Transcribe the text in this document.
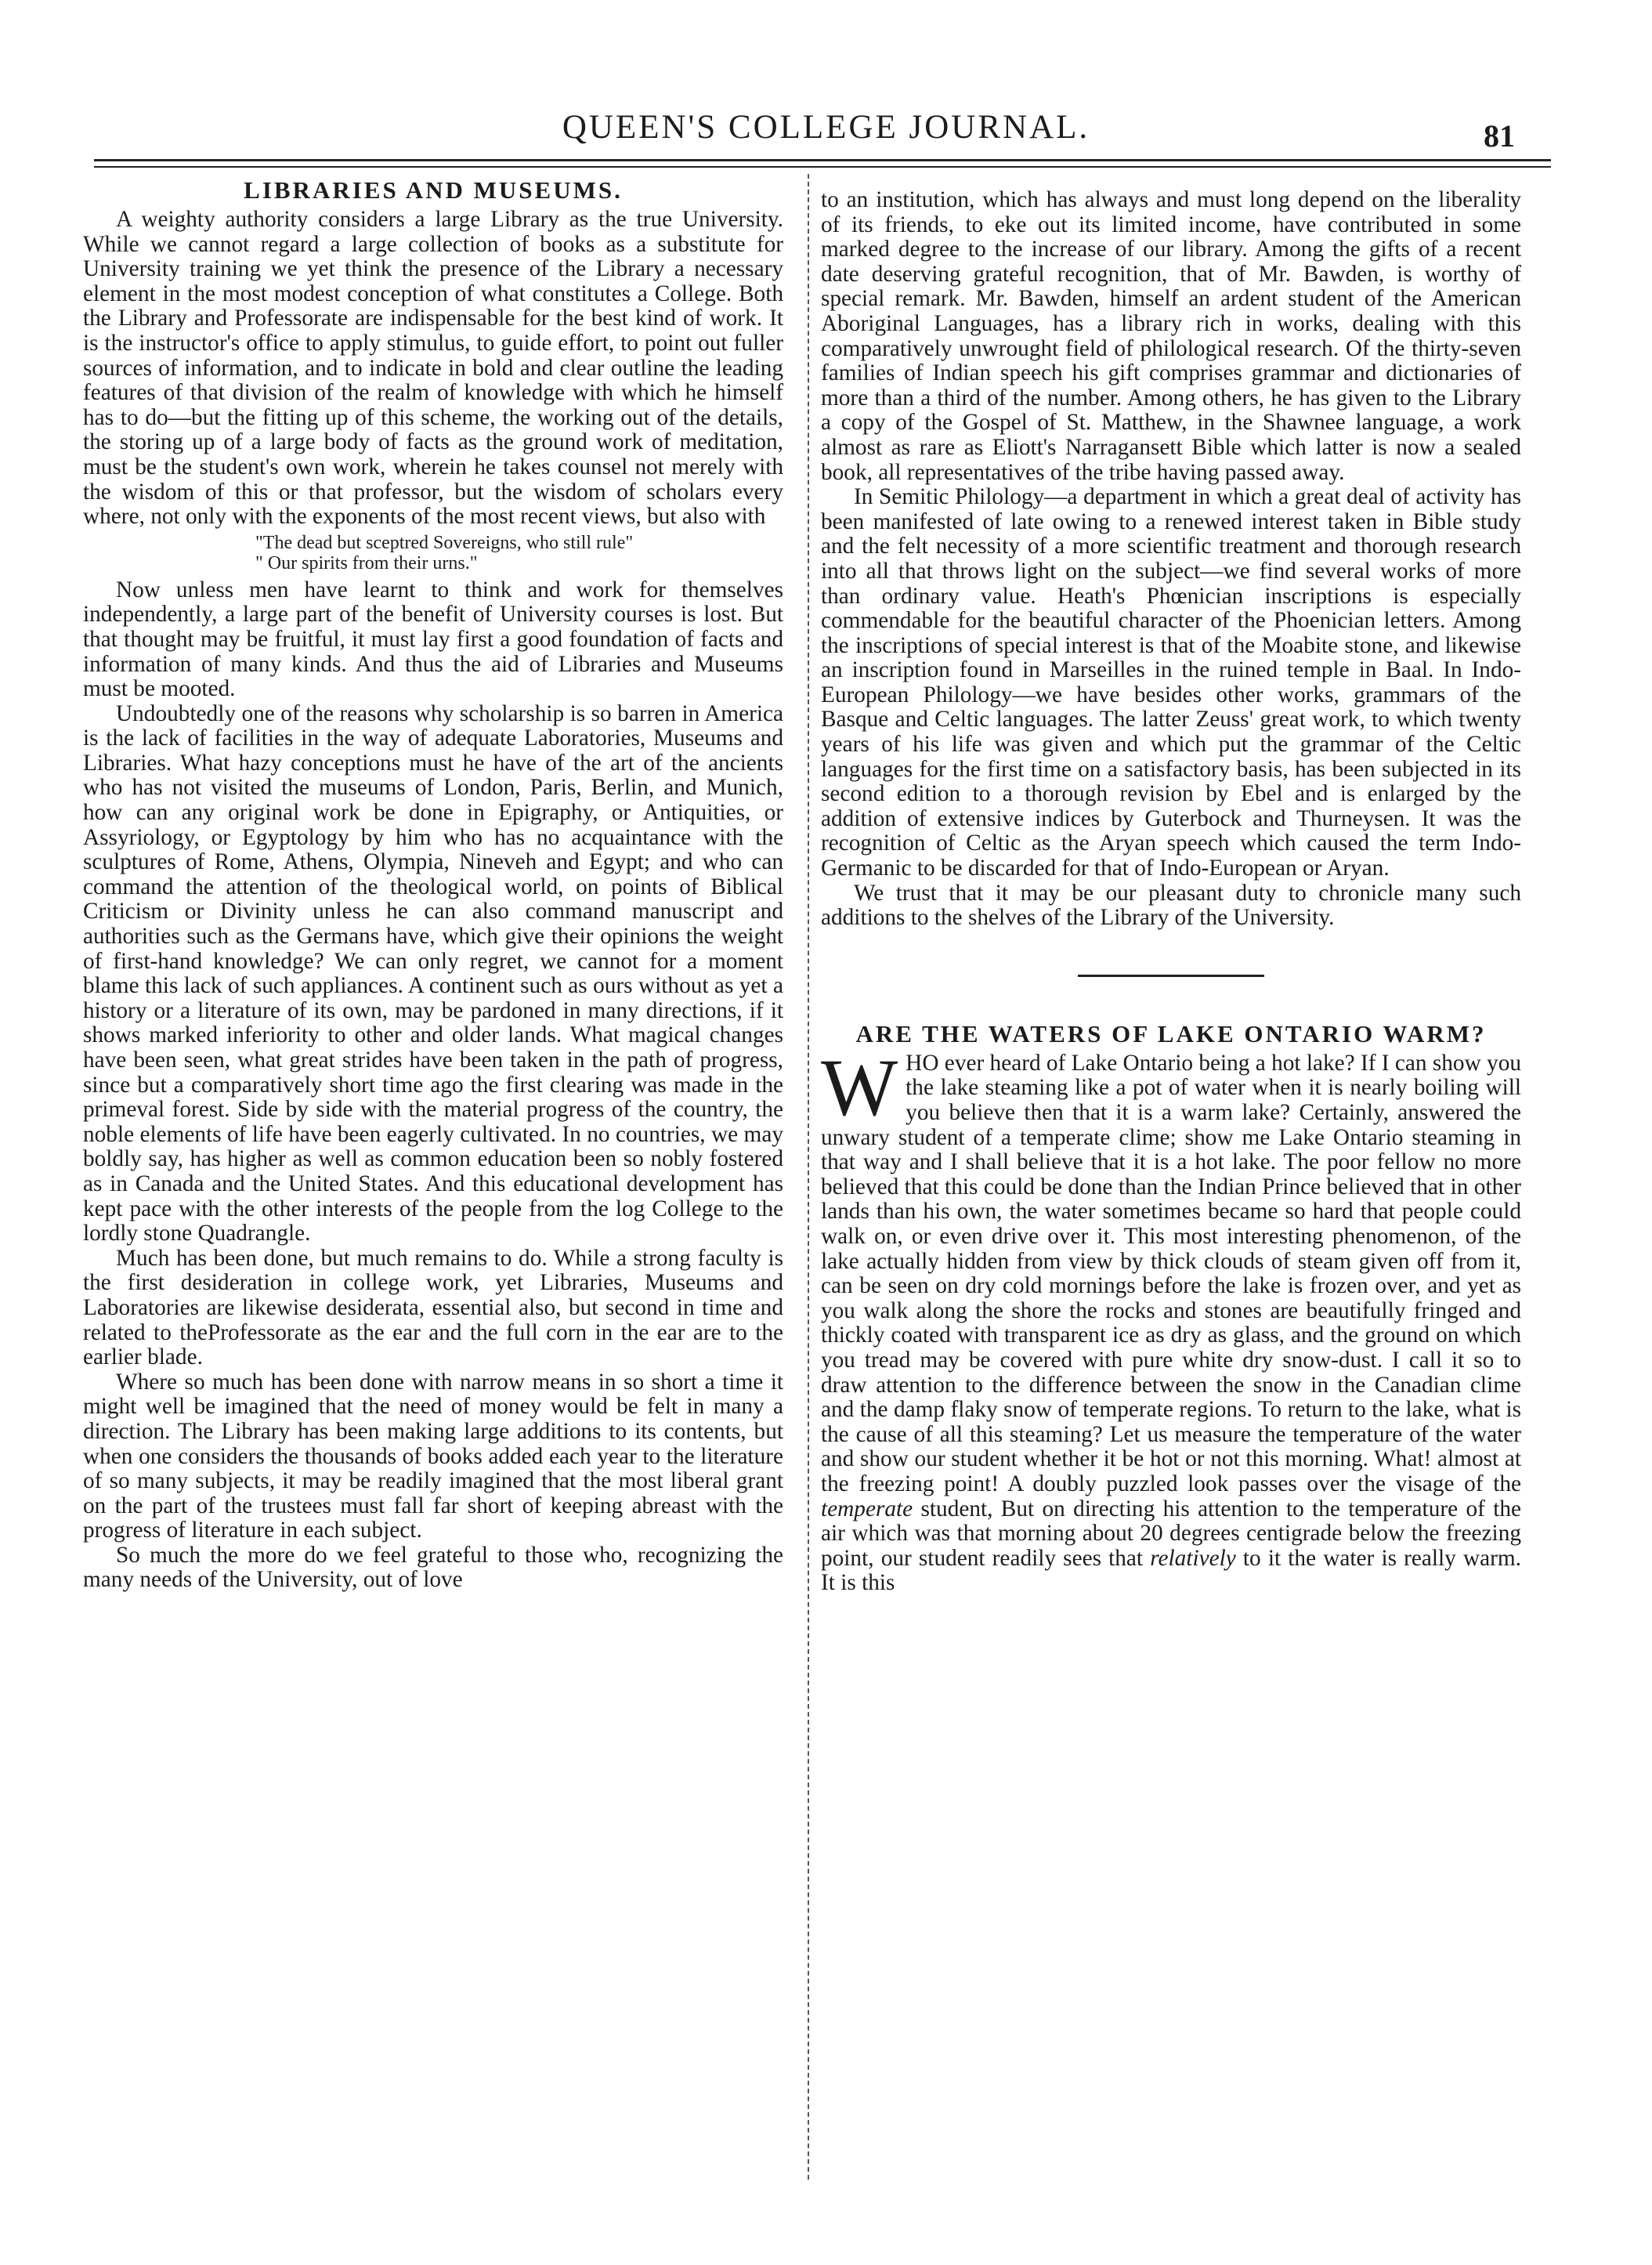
QUEEN'S COLLEGE JOURNAL.	81
LIBRARIES AND MUSEUMS.

A weighty authority considers a large Library as the true University. While we cannot regard a large collection of books as a substitute for University training we yet think the presence of the Library a necessary element in the most modest conception of what constitutes a College. Both the Library and Professorate are indispensable for the best kind of work. It is the instructor's office to apply stimulus, to guide effort, to point out fuller sources of information, and to indicate in bold and clear outline the leading features of that division of the realm of knowledge with which he himself has to do—but the fitting up of this scheme, the working out of the details, the storing up of a large body of facts as the ground work of meditation, must be the student's own work, wherein he takes counsel not merely with the wisdom of this or that professor, but the wisdom of scholars every where, not only with the exponents of the most recent views, but also with

"The dead but sceptred Sovereigns, who still rule"
" Our spirits from their urns."

Now unless men have learnt to think and work for themselves independently, a large part of the benefit of University courses is lost. But that thought may be fruitful, it must lay first a good foundation of facts and information of many kinds. And thus the aid of Libraries and Museums must be mooted.

Undoubtedly one of the reasons why scholarship is so barren in America is the lack of facilities in the way of adequate Laboratories, Museums and Libraries. What hazy conceptions must he have of the art of the ancients who has not visited the museums of London, Paris, Berlin, and Munich, how can any original work be done in Epigraphy, or Antiquities, or Assyriology, or Egyptology by him who has no acquaintance with the sculptures of Rome, Athens, Olympia, Nineveh and Egypt; and who can command the attention of the theological world, on points of Biblical Criticism or Divinity unless he can also command manuscript and authorities such as the Germans have, which give their opinions the weight of first-hand knowledge? We can only regret, we cannot for a moment blame this lack of such appliances. A continent such as ours without as yet a history or a literature of its own, may be pardoned in many directions, if it shows marked inferiority to other and older lands. What magical changes have been seen, what great strides have been taken in the path of progress, since but a comparatively short time ago the first clearing was made in the primeval forest. Side by side with the material progress of the country, the noble elements of life have been eagerly cultivated. In no countries, we may boldly say, has higher as well as common education been so nobly fostered as in Canada and the United States. And this educational development has kept pace with the other interests of the people from the log College to the lordly stone Quadrangle.

Much has been done, but much remains to do. While a strong faculty is the first desideration in college work, yet Libraries, Museums and Laboratories are likewise desiderata, essential also, but second in time and related to theProfessorate as the ear and the full corn in the ear are to the earlier blade.

Where so much has been done with narrow means in so short a time it might well be imagined that the need of money would be felt in many a direction. The Library has been making large additions to its contents, but when one considers the thousands of books added each year to the literature of so many subjects, it may be readily imagined that the most liberal grant on the part of the trustees must fall far short of keeping abreast with the progress of literature in each subject.

So much the more do we feel grateful to those who, recognizing the many needs of the University, out of love

to an institution, which has always and must long depend on the liberality of its friends, to eke out its limited income, have contributed in some marked degree to the increase of our library. Among the gifts of a recent date deserving grateful recognition, that of Mr. Bawden, is worthy of special remark. Mr. Bawden, himself an ardent student of the American Aboriginal Languages, has a library rich in works, dealing with this comparatively unwrought field of philological research. Of the thirty-seven families of Indian speech his gift comprises grammar and dictionaries of more than a third of the number. Among others, he has given to the Library a copy of the Gospel of St. Matthew, in the Shawnee language, a work almost as rare as Eliott's Narragansett Bible which latter is now a sealed book, all representatives of the tribe having passed away.

In Semitic Philology—a department in which a great deal of activity has been manifested of late owing to a renewed interest taken in Bible study and the felt necessity of a more scientific treatment and thorough research into all that throws light on the subject—we find several works of more than ordinary value. Heath's Phœnician inscriptions is especially commendable for the beautiful character of the Phoenician letters. Among the inscriptions of special interest is that of the Moabite stone, and likewise an inscription found in Marseilles in the ruined temple in Baal. In Indo-European Philology—we have besides other works, grammars of the Basque and Celtic languages. The latter Zeuss' great work, to which twenty years of his life was given and which put the grammar of the Celtic languages for the first time on a satisfactory basis, has been subjected in its second edition to a thorough revision by Ebel and is enlarged by the addition of extensive indices by Guterbock and Thurneysen. It was the recognition of Celtic as the Aryan speech which caused the term Indo-Germanic to be discarded for that of Indo-European or Aryan.

We trust that it may be our pleasant duty to chronicle many such additions to the shelves of the Library of the University.

ARE THE WATERS OF LAKE ONTARIO WARM?

WHO ever heard of Lake Ontario being a hot lake? If I can show you the lake steaming like a pot of water when it is nearly boiling will you believe then that it is a warm lake? Certainly, answered the unwary student of a temperate clime; show me Lake Ontario steaming in that way and I shall believe that it is a hot lake. The poor fellow no more believed that this could be done than the Indian Prince believed that in other lands than his own, the water sometimes became so hard that people could walk on, or even drive over it. This most interesting phenomenon, of the lake actually hidden from view by thick clouds of steam given off from it, can be seen on dry cold mornings before the lake is frozen over, and yet as you walk along the shore the rocks and stones are beautifully fringed and thickly coated with transparent ice as dry as glass, and the ground on which you tread may be covered with pure white dry snow-dust. I call it so to draw attention to the difference between the snow in the Canadian clime and the damp flaky snow of temperate regions. To return to the lake, what is the cause of all this steaming? Let us measure the temperature of the water and show our student whether it be hot or not this morning. What! almost at the freezing point! A doubly puzzled look passes over the visage of the temperate student, But on directing his attention to the temperature of the air which was that morning about 20 degrees centigrade below the freezing point, our student readily sees that relatively to it the water is really warm. It is this
